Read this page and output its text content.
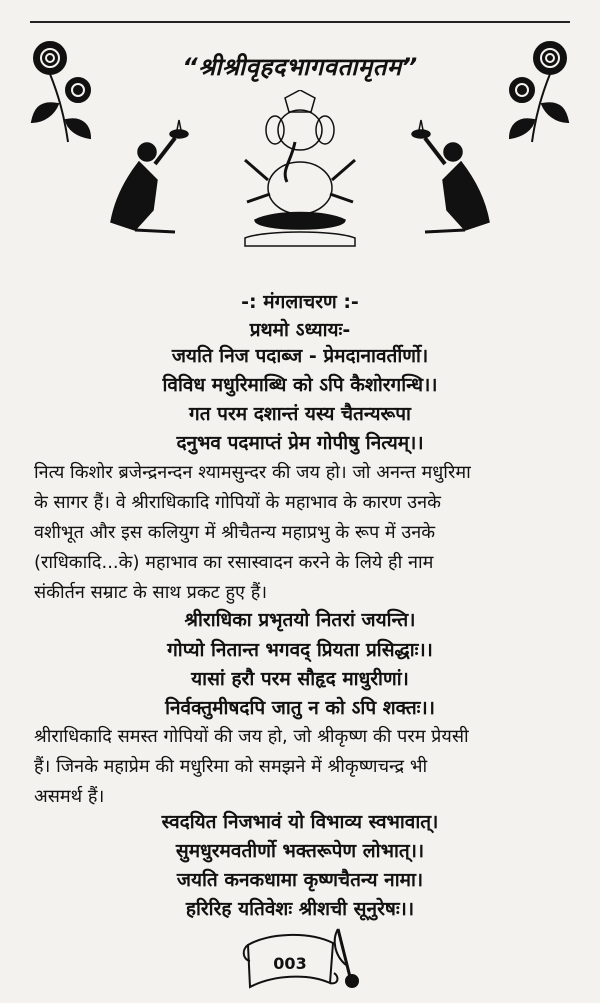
“श्रीश्रीवृहदभागवतामृतम”
-: मंगलाचरण :-
प्रथमो ऽध्यायः-
जयति निज पदाब्ज - प्रेमदानावर्तीर्णो।
विविध मधुरिमाब्धि को ऽपि कैशोरगन्धि।।
गत परम दशान्तं यस्य चैतन्यरूपा
दनुभव पदमाप्तं प्रेम गोपीषु नित्यम्।।
नित्य किशोर ब्रजेन्द्रनन्दन श्यामसुन्दर की जय हो। जो अनन्त मधुरिमा
के सागर हैं। वे श्रीराधिकादि गोपियों के महाभाव के कारण उनके
वशीभूत और इस कलियुग में श्रीचैतन्य महाप्रभु के रूप में उनके
(राधिकादि...के) महाभाव का रसास्वादन करने के लिये ही नाम
संकीर्तन सम्राट के साथ प्रकट हुए हैं।
श्रीराधिका प्रभृतयो नितरां जयन्ति।
गोप्यो नितान्त भगवद् प्रियता प्रसिद्धाः।।
यासां हरौ परम सौहृद माधुरीणां।
निर्वक्तुमीषदपि जातु न को ऽपि शक्तः।।
श्रीराधिकादि समस्त गोपियों की जय हो, जो श्रीकृष्ण की परम प्रेयसी
हैं। जिनके महाप्रेम की मधुरिमा को समझने में श्रीकृष्णचन्द्र भी
असमर्थ हैं।
स्वदयित निजभावं यो विभाव्य स्वभावात्।
सुमधुरमवतीर्णो भक्तरूपेण लोभात्।।
जयति कनकधामा कृष्णचैतन्य नामा।
हरिरिह यतिवेशः श्रीशची सूनुरेषः।।
003
